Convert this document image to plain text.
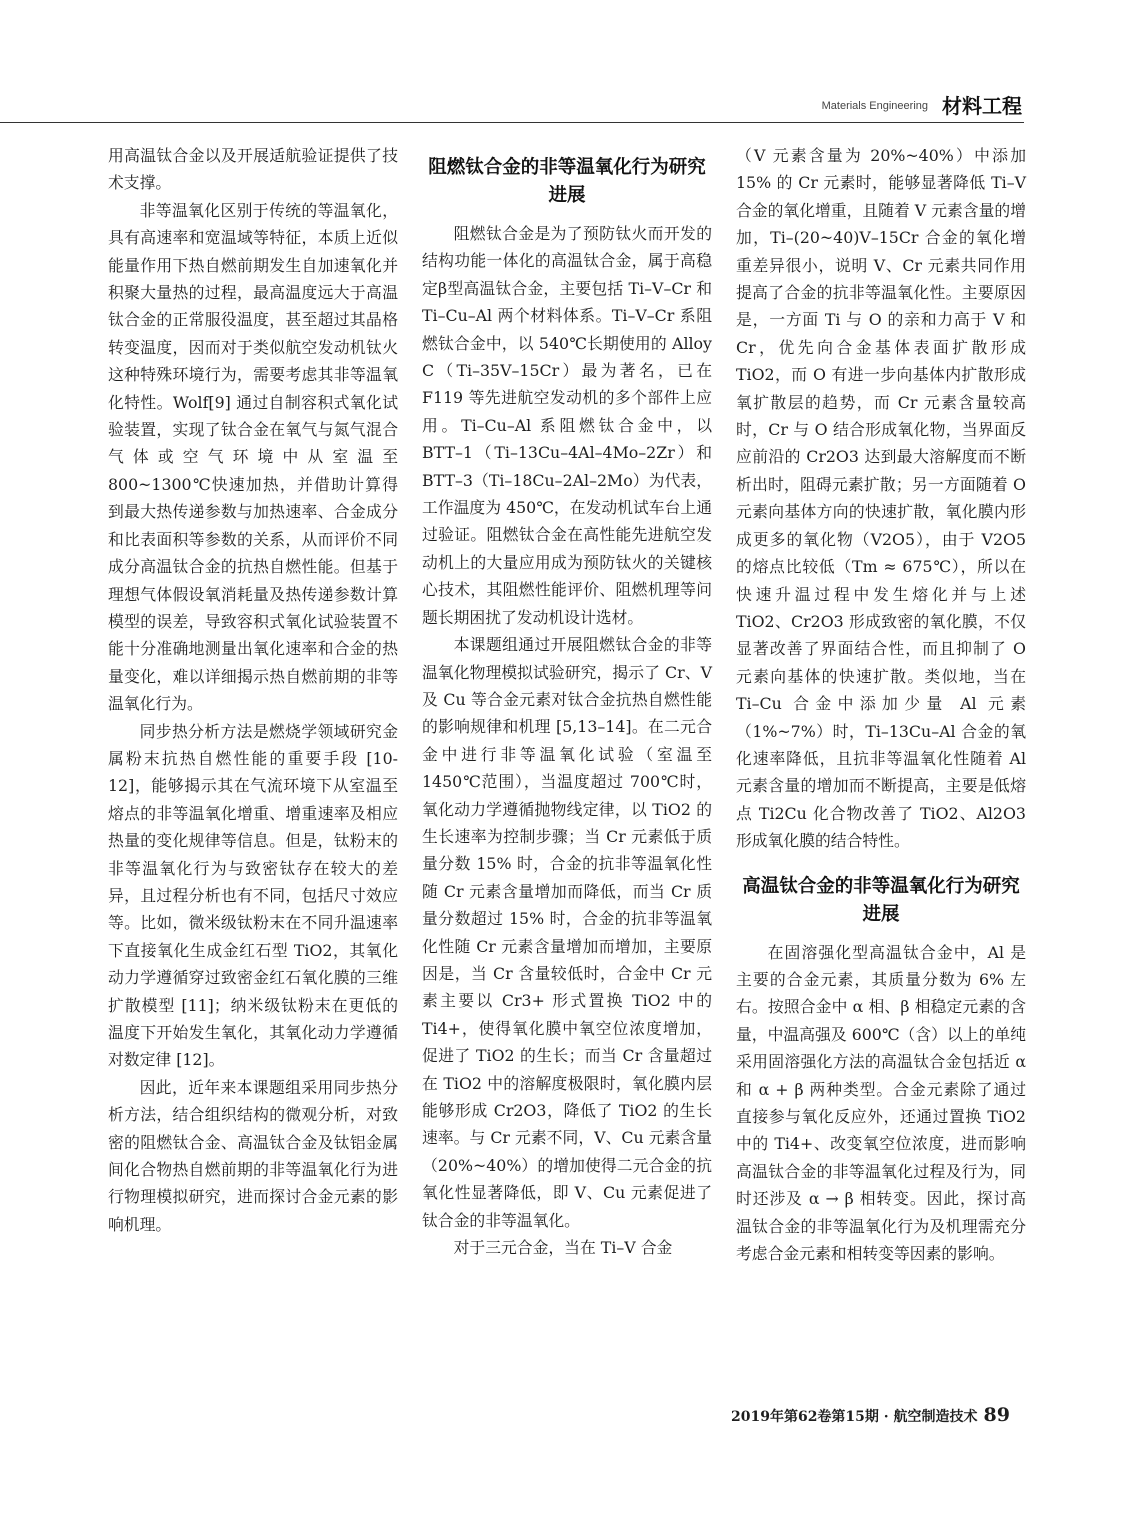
Materials Engineering 材料工程

用高温钛合金以及开展适航验证提供了技术支撑。

非等温氧化区别于传统的等温氧化，具有高速率和宽温域等特征，本质上近似能量作用下热自燃前期发生自加速氧化并积聚大量热的过程，最高温度远大于高温钛合金的正常服役温度，甚至超过其晶格转变温度，因而对于类似航空发动机钛火这种特殊环境行为，需要考虑其非等温氧化特性。Wolf[9] 通过自制容积式氧化试验装置，实现了钛合金在氧气与氮气混合气体或空气环境中从室温至 800~1300℃快速加热，并借助计算得到最大热传递参数与加热速率、合金成分和比表面积等参数的关系，从而评价不同成分高温钛合金的抗热自燃性能。但基于理想气体假设氧消耗量及热传递参数计算模型的误差，导致容积式氧化试验装置不能十分准确地测量出氧化速率和合金的热量变化，难以详细揭示热自燃前期的非等温氧化行为。

同步热分析方法是燃烧学领域研究金属粉末抗热自燃性能的重要手段 [10-12]，能够揭示其在气流环境下从室温至熔点的非等温氧化增重、增重速率及相应热量的变化规律等信息。但是，钛粉末的非等温氧化行为与致密钛存在较大的差异，且过程分析也有不同，包括尺寸效应等。比如，微米级钛粉末在不同升温速率下直接氧化生成金红石型 TiO2，其氧化动力学遵循穿过致密金红石氧化膜的三维扩散模型 [11]；纳米级钛粉末在更低的温度下开始发生氧化，其氧化动力学遵循对数定律 [12]。

因此，近年来本课题组采用同步热分析方法，结合组织结构的微观分析，对致密的阻燃钛合金、高温钛合金及钛铝金属间化合物热自燃前期的非等温氧化行为进行物理模拟研究，进而探讨合金元素的影响机理。

阻燃钛合金的非等温氧化行为研究进展

阻燃钛合金是为了预防钛火而开发的结构功能一体化的高温钛合金，属于高稳定β型高温钛合金，主要包括 Ti–V–Cr 和 Ti–Cu–Al 两个材料体系。Ti–V–Cr 系阻燃钛合金中，以 540℃长期使用的 Alloy C（Ti–35V–15Cr）最为著名，已在 F119 等先进航空发动机的多个部件上应用。Ti–Cu–Al 系阻燃钛合金中，以 BTT–1（Ti–13Cu–4Al–4Mo–2Zr）和 BTT–3（Ti–18Cu–2Al–2Mo）为代表，工作温度为 450℃，在发动机试车台上通过验证。阻燃钛合金在高性能先进航空发动机上的大量应用成为预防钛火的关键核心技术，其阻燃性能评价、阻燃机理等问题长期困扰了发动机设计选材。

本课题组通过开展阻燃钛合金的非等温氧化物理模拟试验研究，揭示了 Cr、V 及 Cu 等合金元素对钛合金抗热自燃性能的影响规律和机理 [5,13–14]。在二元合金中进行非等温氧化试验（室温至 1450℃范围），当温度超过 700℃时，氧化动力学遵循抛物线定律，以 TiO2 的生长速率为控制步骤；当 Cr 元素低于质量分数 15% 时，合金的抗非等温氧化性随 Cr 元素含量增加而降低，而当 Cr 质量分数超过 15% 时，合金的抗非等温氧化性随 Cr 元素含量增加而增加，主要原因是，当 Cr 含量较低时，合金中 Cr 元素主要以 Cr3+ 形式置换 TiO2 中的 Ti4+，使得氧化膜中氧空位浓度增加，促进了 TiO2 的生长；而当 Cr 含量超过在 TiO2 中的溶解度极限时，氧化膜内层能够形成 Cr2O3，降低了 TiO2 的生长速率。与 Cr 元素不同，V、Cu 元素含量（20%~40%）的增加使得二元合金的抗氧化性显著降低，即 V、Cu 元素促进了钛合金的非等温氧化。

对于三元合金，当在 Ti–V 合金

（V 元素含量为 20%~40%）中添加 15% 的 Cr 元素时，能够显著降低 Ti–V 合金的氧化增重，且随着 V 元素含量的增加，Ti–(20~40)V–15Cr 合金的氧化增重差异很小，说明 V、Cr 元素共同作用提高了合金的抗非等温氧化性。主要原因是，一方面 Ti 与 O 的亲和力高于 V 和 Cr，优先向合金基体表面扩散形成 TiO2，而 O 有进一步向基体内扩散形成氧扩散层的趋势，而 Cr 元素含量较高时，Cr 与 O 结合形成氧化物，当界面反应前沿的 Cr2O3 达到最大溶解度而不断析出时，阻碍元素扩散；另一方面随着 O 元素向基体方向的快速扩散，氧化膜内形成更多的氧化物（V2O5），由于 V2O5 的熔点比较低（Tm ≈ 675℃），所以在快速升温过程中发生熔化并与上述 TiO2、Cr2O3 形成致密的氧化膜，不仅显著改善了界面结合性，而且抑制了 O 元素向基体的快速扩散。类似地，当在 Ti–Cu 合金中添加少量 Al 元素（1%~7%）时，Ti–13Cu–Al 合金的氧化速率降低，且抗非等温氧化性随着 Al 元素含量的增加而不断提高，主要是低熔点 Ti2Cu 化合物改善了 TiO2、Al2O3 形成氧化膜的结合特性。

高温钛合金的非等温氧化行为研究进展

在固溶强化型高温钛合金中，Al 是主要的合金元素，其质量分数为 6% 左右。按照合金中 α 相、β 相稳定元素的含量，中温高强及 600℃（含）以上的单纯采用固溶强化方法的高温钛合金包括近 α 和 α + β 两种类型。合金元素除了通过直接参与氧化反应外，还通过置换 TiO2 中的 Ti4+、改变氧空位浓度，进而影响高温钛合金的非等温氧化过程及行为，同时还涉及 α → β 相转变。因此，探讨高温钛合金的非等温氧化行为及机理需充分考虑合金元素和相转变等因素的影响。

2019年第62卷第15期 · 航空制造技术 89
